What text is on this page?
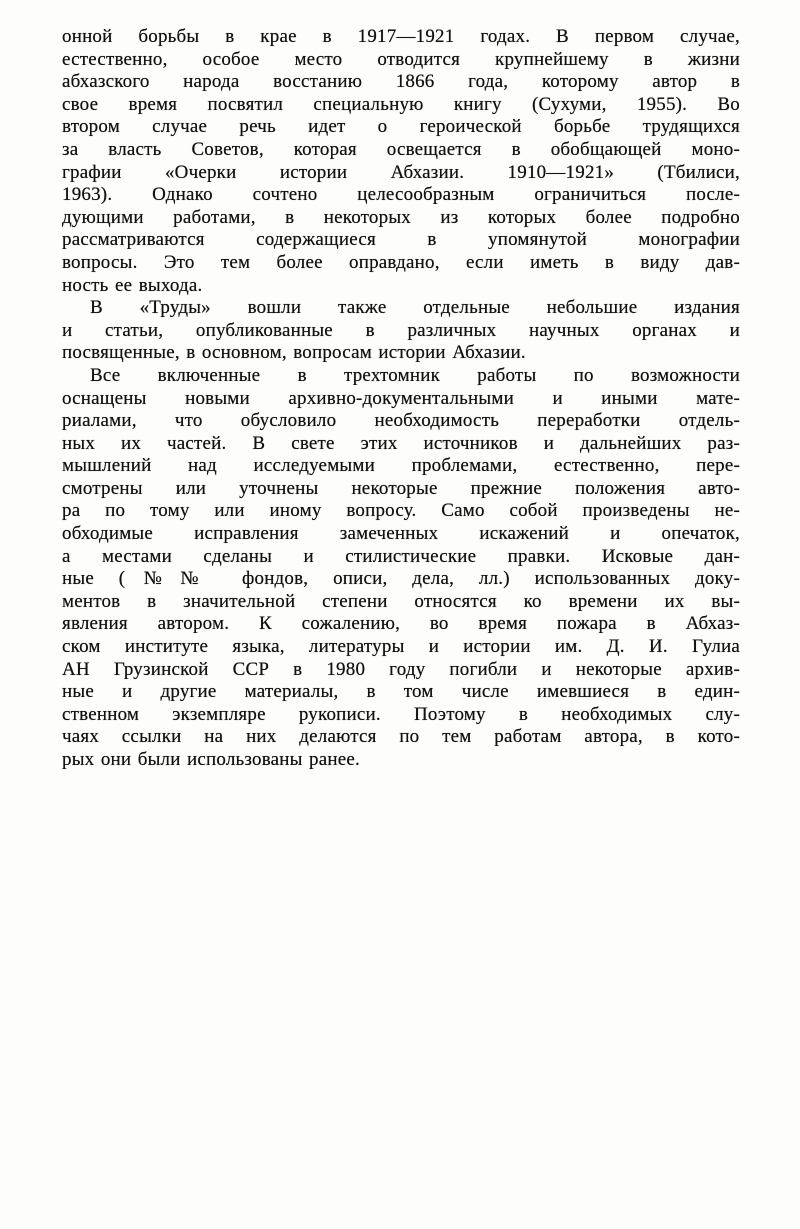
онной борьбы в крае в 1917—1921 годах. В первом случае,
естественно, особое место отводится крупнейшему в жизни
абхазского народа восстанию 1866 года, которому автор в
свое время посвятил специальную книгу (Сухуми, 1955). Во
втором случае речь идет о героической борьбе трудящихся
за власть Советов, которая освещается в обобщающей моно-
графии «Очерки истории Абхазии. 1910—1921» (Тбилиси,
1963). Однако сочтено целесообразным ограничиться после-
дующими работами, в некоторых из которых более подробно
рассматриваются содержащиеся в упомянутой монографии
вопросы. Это тем более оправдано, если иметь в виду дав-
ность ее выхода.
В «Труды» вошли также отдельные небольшие издания
и статьи, опубликованные в различных научных органах и
посвященные, в основном, вопросам истории Абхазии.
Все включенные в трехтомник работы по возможности
оснащены новыми архивно-документальными и иными мате-
риалами, что обусловило необходимость переработки отдель-
ных их частей. В свете этих источников и дальнейших раз-
мышлений над исследуемыми проблемами, естественно, пере-
смотрены или уточнены некоторые прежние положения авто-
ра по тому или иному вопросу. Само собой произведены не-
обходимые исправления замеченных искажений и опечаток,
а местами сделаны и стилистические правки. Исковые дан-
ные (№№ фондов, описи, дела, лл.) использованных доку-
ментов в значительной степени относятся ко времени их вы-
явления автором. К сожалению, во время пожара в Абхаз-
ском институте языка, литературы и истории им. Д. И. Гулиа
АН Грузинской ССР в 1980 году погибли и некоторые архив-
ные и другие материалы, в том числе имевшиеся в един-
ственном экземпляре рукописи. Поэтому в необходимых слу-
чаях ссылки на них делаются по тем работам автора, в кото-
рых они были использованы ранее.
